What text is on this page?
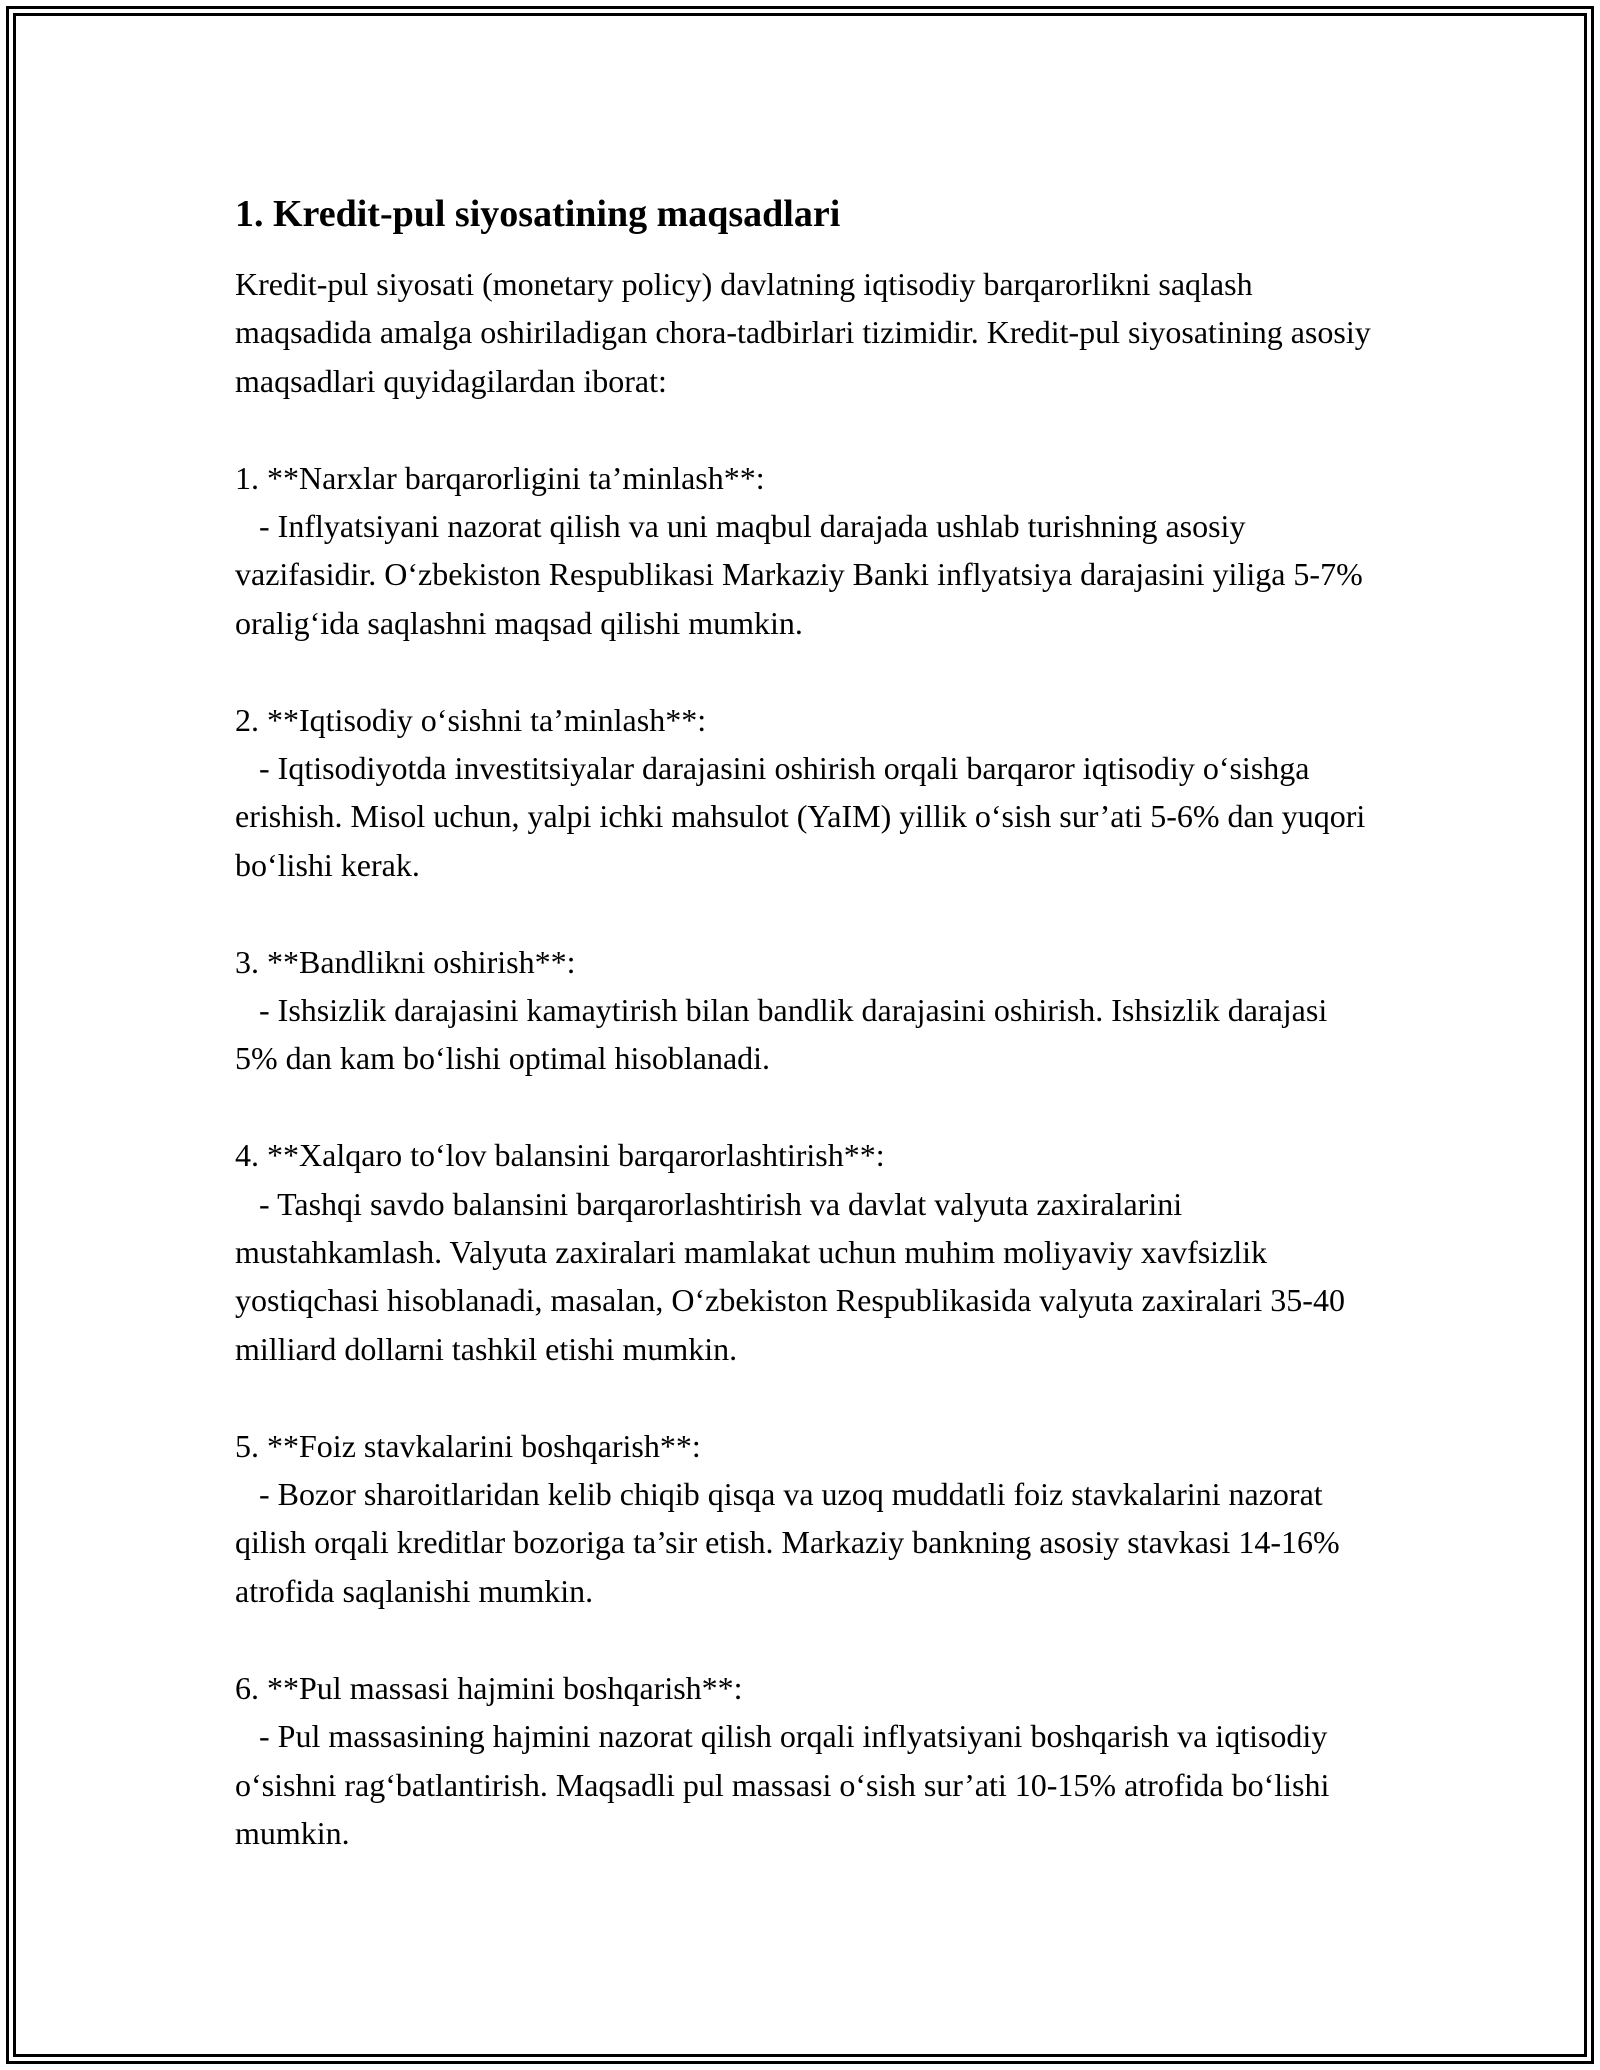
1. Kredit-pul siyosatining maqsadlari

Kredit-pul siyosati (monetary policy) davlatning iqtisodiy barqarorlikni saqlash maqsadida amalga oshiriladigan chora-tadbirlari tizimidir. Kredit-pul siyosatining asosiy maqsadlari quyidagilardan iborat:

1. **Narxlar barqarorligini ta’minlash**:

- Inflyatsiyani nazorat qilish va uni maqbul darajada ushlab turishning asosiy vazifasidir. O‘zbekiston Respublikasi Markaziy Banki inflyatsiya darajasini yiliga 5-7% oralig‘ida saqlashni maqsad qilishi mumkin.

2. **Iqtisodiy o‘sishni ta’minlash**:

- Iqtisodiyotda investitsiyalar darajasini oshirish orqali barqaror iqtisodiy o‘sishga erishish. Misol uchun, yalpi ichki mahsulot (YaIM) yillik o‘sish sur’ati 5-6% dan yuqori bo‘lishi kerak.

3. **Bandlikni oshirish**:

- Ishsizlik darajasini kamaytirish bilan bandlik darajasini oshirish. Ishsizlik darajasi 5% dan kam bo‘lishi optimal hisoblanadi.

4. **Xalqaro to‘lov balansini barqarorlashtirish**:

- Tashqi savdo balansini barqarorlashtirish va davlat valyuta zaxiralarini mustahkamlash. Valyuta zaxiralari mamlakat uchun muhim moliyaviy xavfsizlik yostiqchasi hisoblanadi, masalan, O‘zbekiston Respublikasida valyuta zaxiralari 35-40 milliard dollarni tashkil etishi mumkin.

5. **Foiz stavkalarini boshqarish**:

- Bozor sharoitlaridan kelib chiqib qisqa va uzoq muddatli foiz stavkalarini nazorat qilish orqali kreditlar bozoriga ta’sir etish. Markaziy bankning asosiy stavkasi 14-16% atrofida saqlanishi mumkin.

6. **Pul massasi hajmini boshqarish**:

- Pul massasining hajmini nazorat qilish orqali inflyatsiyani boshqarish va iqtisodiy o‘sishni rag‘batlantirish. Maqsadli pul massasi o‘sish sur’ati 10-15% atrofida bo‘lishi mumkin.
